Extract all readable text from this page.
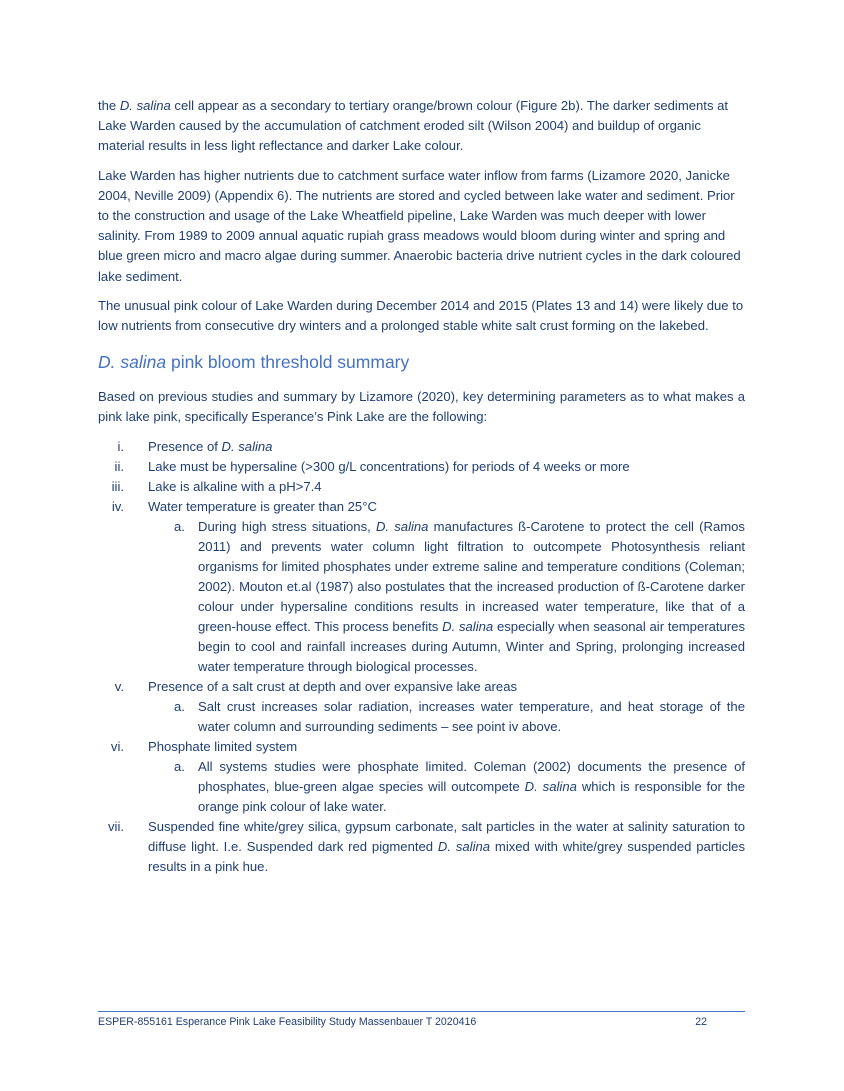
the D. salina cell appear as a secondary to tertiary orange/brown colour (Figure 2b). The darker sediments at Lake Warden caused by the accumulation of catchment eroded silt (Wilson 2004) and buildup of organic material results in less light reflectance and darker Lake colour.

Lake Warden has higher nutrients due to catchment surface water inflow from farms (Lizamore 2020, Janicke 2004, Neville 2009) (Appendix 6). The nutrients are stored and cycled between lake water and sediment. Prior to the construction and usage of the Lake Wheatfield pipeline, Lake Warden was much deeper with lower salinity. From 1989 to 2009 annual aquatic rupiah grass meadows would bloom during winter and spring and blue green micro and macro algae during summer. Anaerobic bacteria drive nutrient cycles in the dark coloured lake sediment.

The unusual pink colour of Lake Warden during December 2014 and 2015 (Plates 13 and 14) were likely due to low nutrients from consecutive dry winters and a prolonged stable white salt crust forming on the lakebed.

D. salina pink bloom threshold summary

Based on previous studies and summary by Lizamore (2020), key determining parameters as to what makes a pink lake pink, specifically Esperance’s Pink Lake are the following:

i. Presence of D. salina
ii. Lake must be hypersaline (>300 g/L concentrations) for periods of 4 weeks or more
iii. Lake is alkaline with a pH>7.4
iv. Water temperature is greater than 25°C
a. During high stress situations, D. salina manufactures ß-Carotene to protect the cell (Ramos 2011) and prevents water column light filtration to outcompete Photosynthesis reliant organisms for limited phosphates under extreme saline and temperature conditions (Coleman; 2002). Mouton et.al (1987) also postulates that the increased production of ß-Carotene darker colour under hypersaline conditions results in increased water temperature, like that of a green-house effect. This process benefits D. salina especially when seasonal air temperatures begin to cool and rainfall increases during Autumn, Winter and Spring, prolonging increased water temperature through biological processes.
v. Presence of a salt crust at depth and over expansive lake areas
a. Salt crust increases solar radiation, increases water temperature, and heat storage of the water column and surrounding sediments – see point iv above.
vi. Phosphate limited system
a. All systems studies were phosphate limited. Coleman (2002) documents the presence of phosphates, blue-green algae species will outcompete D. salina which is responsible for the orange pink colour of lake water.
vii. Suspended fine white/grey silica, gypsum carbonate, salt particles in the water at salinity saturation to diffuse light. I.e. Suspended dark red pigmented D. salina mixed with white/grey suspended particles results in a pink hue.
ESPER-855161 Esperance Pink Lake Feasibility Study Massenbauer T 2020416	22
